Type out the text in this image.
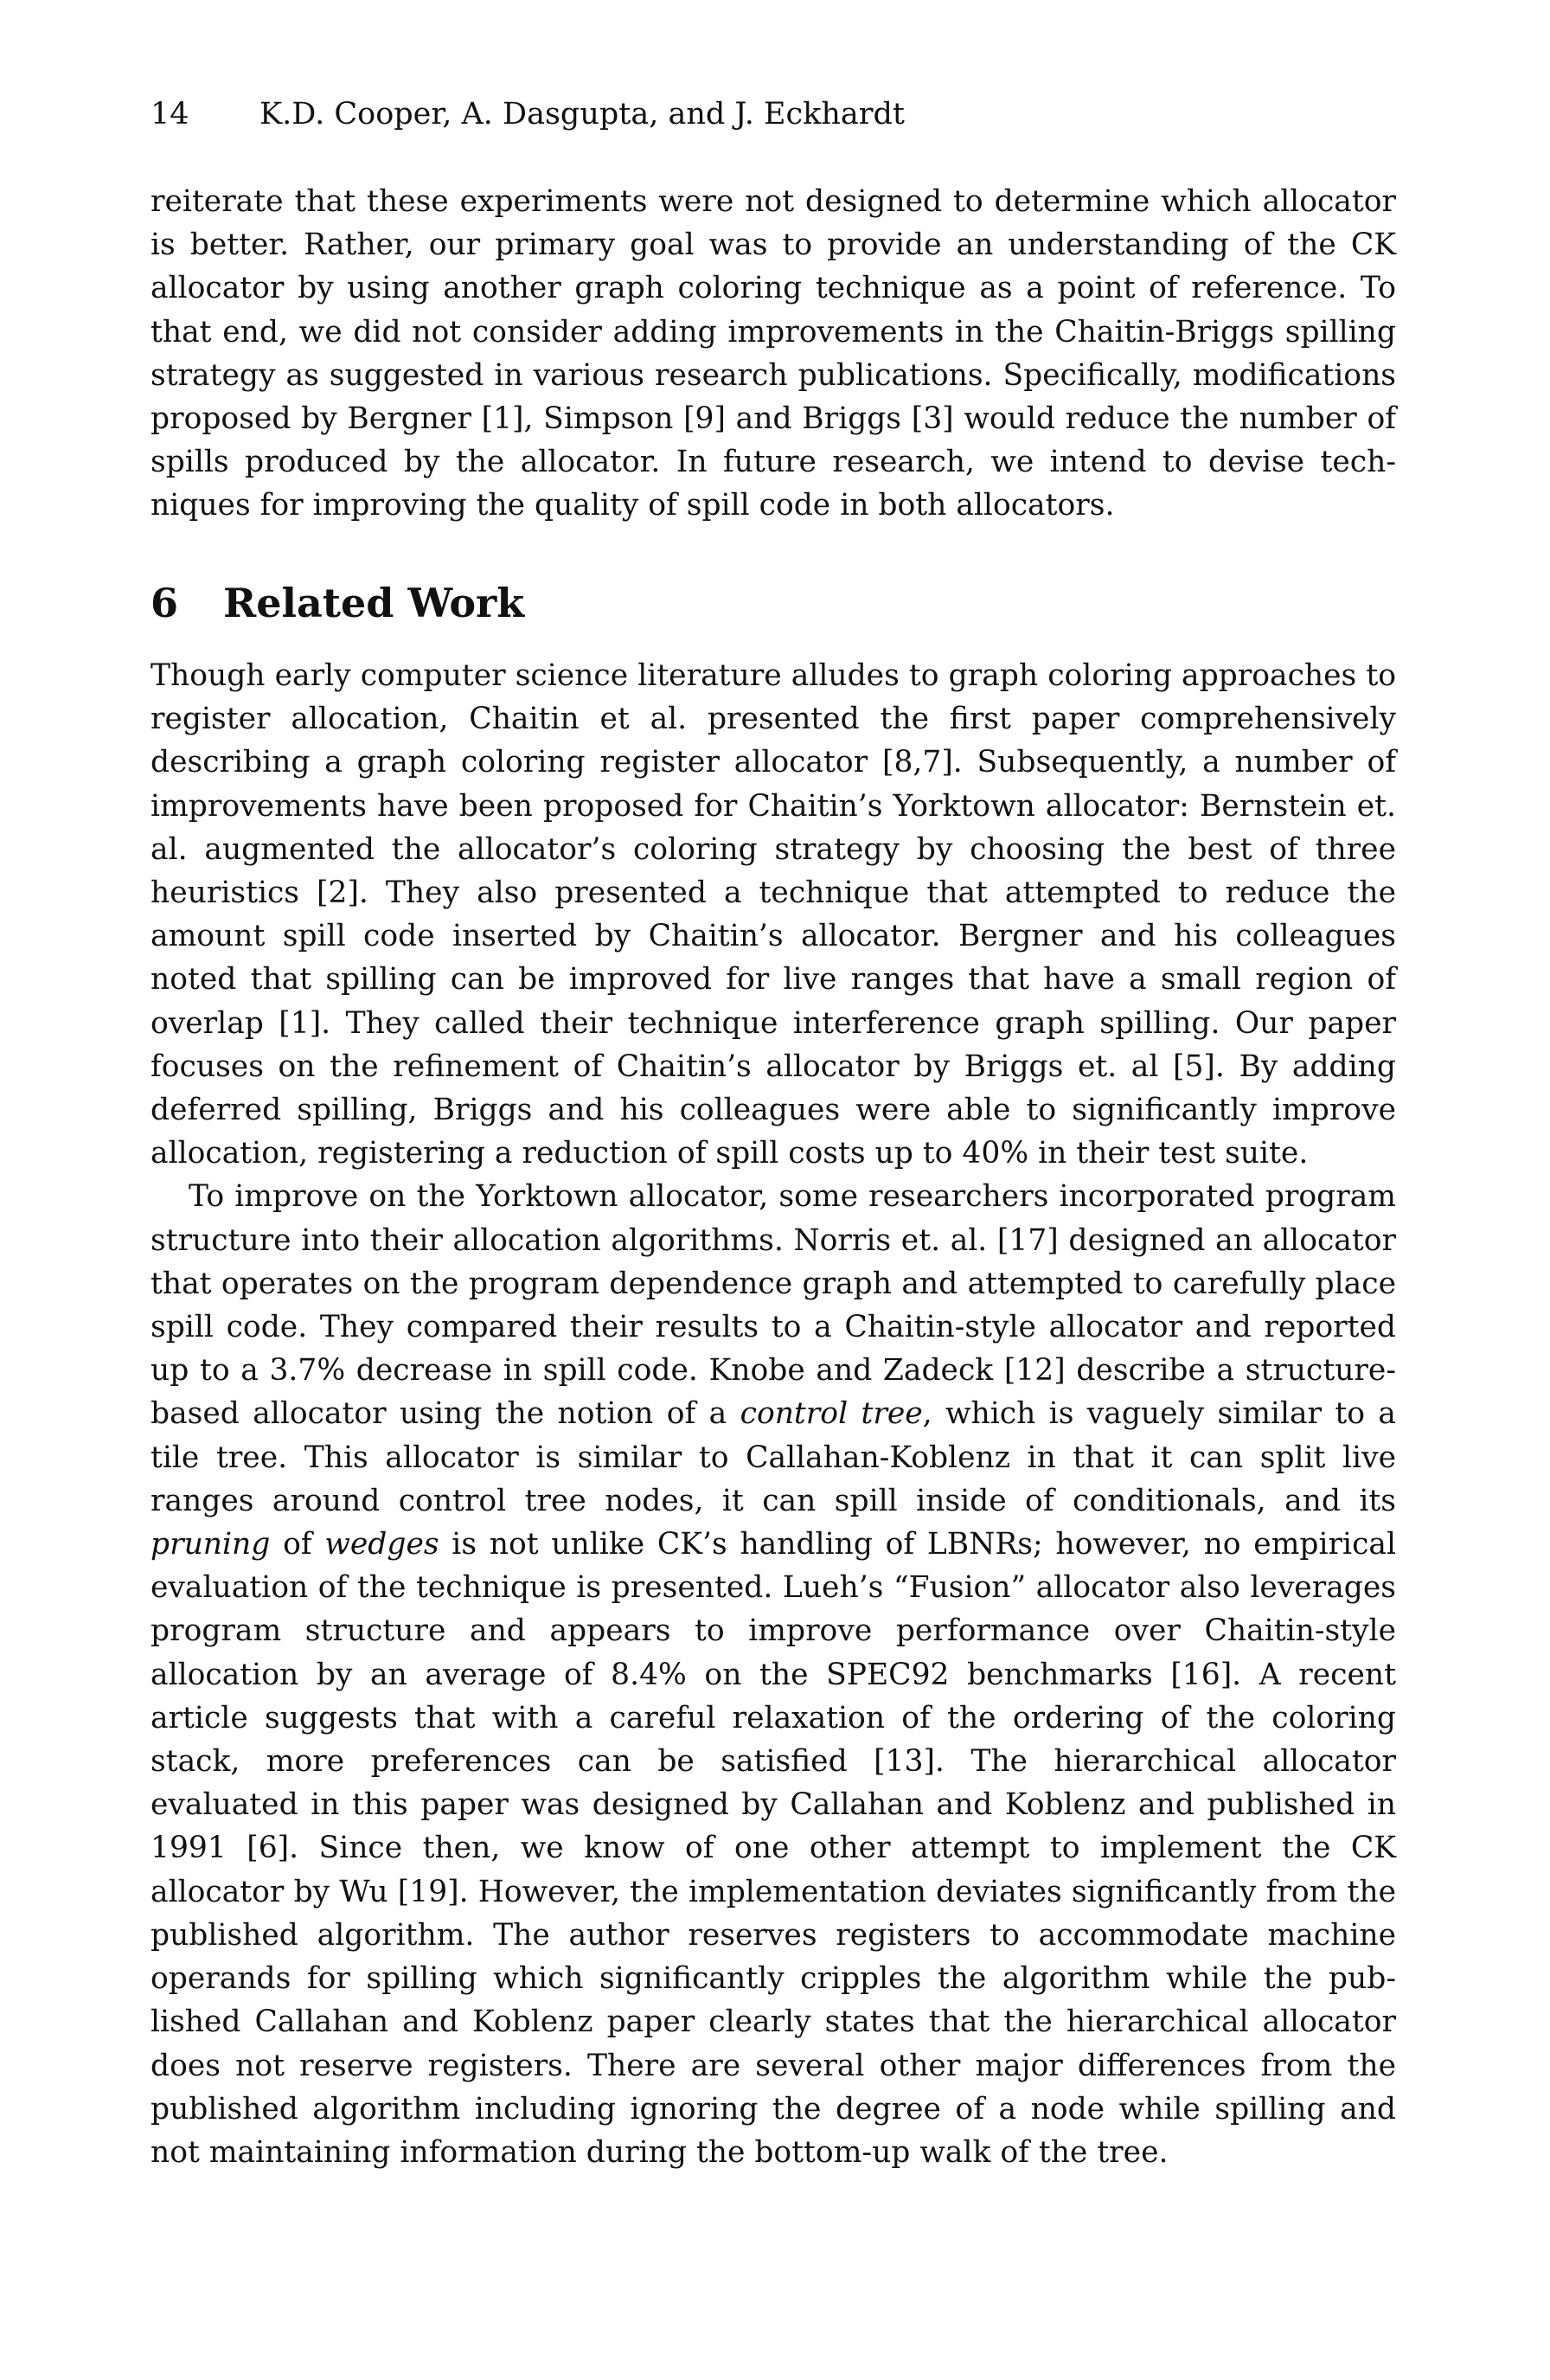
14 K.D. Cooper, A. Dasgupta, and J. Eckhardt

reiterate that these experiments were not designed to determine which allocator is better. Rather, our primary goal was to provide an understanding of the CK allocator by using another graph coloring technique as a point of reference. To that end, we did not consider adding improvements in the Chaitin-Briggs spilling strategy as suggested in various research publications. Specifically, modifications proposed by Bergner [1], Simpson [9] and Briggs [3] would reduce the number of spills produced by the allocator. In future research, we intend to devise techniques for improving the quality of spill code in both allocators.

6 Related Work

Though early computer science literature alludes to graph coloring approaches to register allocation, Chaitin et al. presented the first paper comprehensively describing a graph coloring register allocator [8,7]. Subsequently, a number of improvements have been proposed for Chaitin’s Yorktown allocator: Bernstein et. al. augmented the allocator’s coloring strategy by choosing the best of three heuristics [2]. They also presented a technique that attempted to reduce the amount spill code inserted by Chaitin’s allocator. Bergner and his colleagues noted that spilling can be improved for live ranges that have a small region of overlap [1]. They called their technique interference graph spilling. Our paper focuses on the refinement of Chaitin’s allocator by Briggs et. al [5]. By adding deferred spilling, Briggs and his colleagues were able to significantly improve allocation, registering a reduction of spill costs up to 40% in their test suite.

To improve on the Yorktown allocator, some researchers incorporated program structure into their allocation algorithms. Norris et. al. [17] designed an allocator that operates on the program dependence graph and attempted to carefully place spill code. They compared their results to a Chaitin-style allocator and reported up to a 3.7% decrease in spill code. Knobe and Zadeck [12] describe a structure-based allocator using the notion of a control tree, which is vaguely similar to a tile tree. This allocator is similar to Callahan-Koblenz in that it can split live ranges around control tree nodes, it can spill inside of conditionals, and its pruning of wedges is not unlike CK’s handling of LBNRs; however, no empirical evaluation of the technique is presented. Lueh’s “Fusion” allocator also leverages program structure and appears to improve performance over Chaitin-style allocation by an average of 8.4% on the SPEC92 benchmarks [16]. A recent article suggests that with a careful relaxation of the ordering of the coloring stack, more preferences can be satisfied [13]. The hierarchical allocator evaluated in this paper was designed by Callahan and Koblenz and published in 1991 [6]. Since then, we know of one other attempt to implement the CK allocator by Wu [19]. However, the implementation deviates significantly from the published algorithm. The author reserves registers to accommodate machine operands for spilling which significantly cripples the algorithm while the published Callahan and Koblenz paper clearly states that the hierarchical allocator does not reserve registers. There are several other major differences from the published algorithm including ignoring the degree of a node while spilling and not maintaining information during the bottom-up walk of the tree.
